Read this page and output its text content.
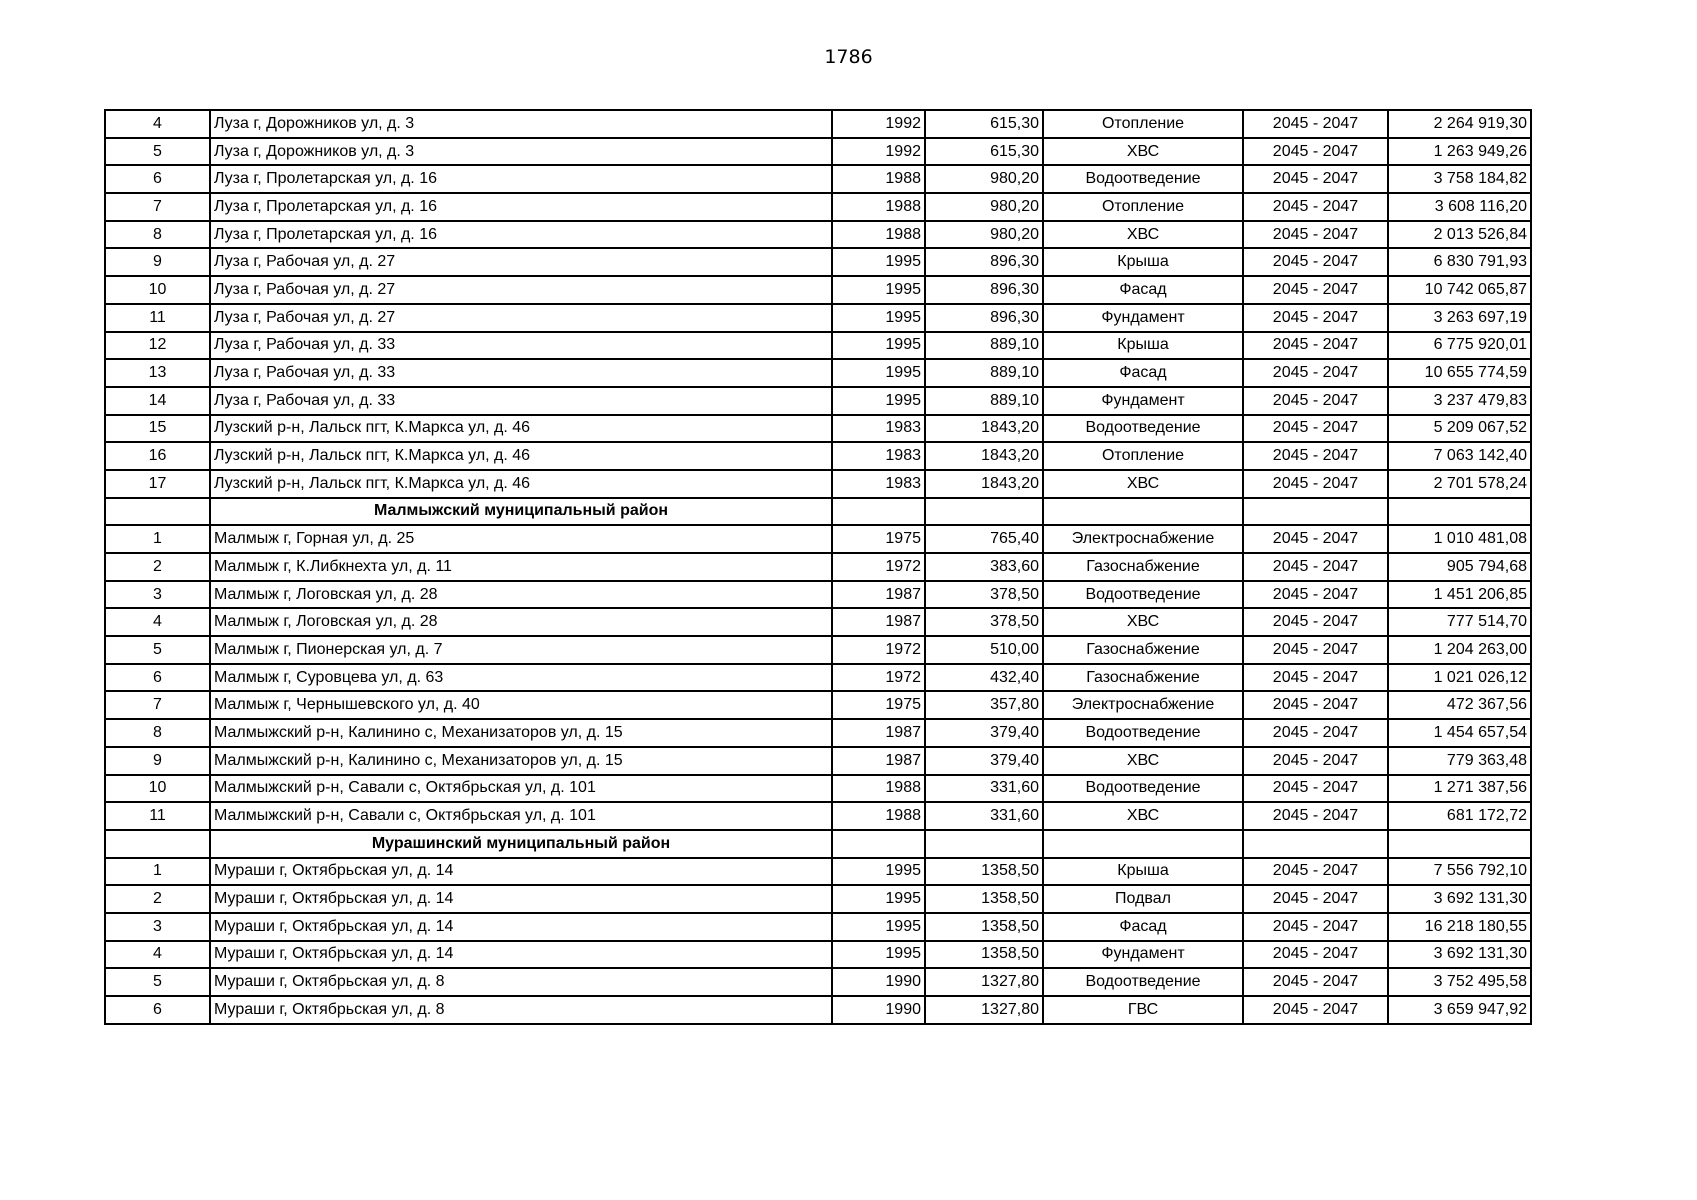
1786
4	Луза г, Дорожников ул, д. 3	1992	615,30	Отопление	2045 - 2047	2 264 919,30
5	Луза г, Дорожников ул, д. 3	1992	615,30	ХВС	2045 - 2047	1 263 949,26
6	Луза г, Пролетарская ул, д. 16	1988	980,20	Водоотведение	2045 - 2047	3 758 184,82
7	Луза г, Пролетарская ул, д. 16	1988	980,20	Отопление	2045 - 2047	3 608 116,20
8	Луза г, Пролетарская ул, д. 16	1988	980,20	ХВС	2045 - 2047	2 013 526,84
9	Луза г, Рабочая ул, д. 27	1995	896,30	Крыша	2045 - 2047	6 830 791,93
10	Луза г, Рабочая ул, д. 27	1995	896,30	Фасад	2045 - 2047	10 742 065,87
11	Луза г, Рабочая ул, д. 27	1995	896,30	Фундамент	2045 - 2047	3 263 697,19
12	Луза г, Рабочая ул, д. 33	1995	889,10	Крыша	2045 - 2047	6 775 920,01
13	Луза г, Рабочая ул, д. 33	1995	889,10	Фасад	2045 - 2047	10 655 774,59
14	Луза г, Рабочая ул, д. 33	1995	889,10	Фундамент	2045 - 2047	3 237 479,83
15	Лузский р-н, Лальск пгт, К.Маркса ул, д. 46	1983	1843,20	Водоотведение	2045 - 2047	5 209 067,52
16	Лузский р-н, Лальск пгт, К.Маркса ул, д. 46	1983	1843,20	Отопление	2045 - 2047	7 063 142,40
17	Лузский р-н, Лальск пгт, К.Маркса ул, д. 46	1983	1843,20	ХВС	2045 - 2047	2 701 578,24
	Малмыжский муниципальный район					
1	Малмыж г, Горная ул, д. 25	1975	765,40	Электроснабжение	2045 - 2047	1 010 481,08
2	Малмыж г, К.Либкнехта ул, д. 11	1972	383,60	Газоснабжение	2045 - 2047	905 794,68
3	Малмыж г, Логовская ул, д. 28	1987	378,50	Водоотведение	2045 - 2047	1 451 206,85
4	Малмыж г, Логовская ул, д. 28	1987	378,50	ХВС	2045 - 2047	777 514,70
5	Малмыж г, Пионерская ул, д. 7	1972	510,00	Газоснабжение	2045 - 2047	1 204 263,00
6	Малмыж г, Суровцева ул, д. 63	1972	432,40	Газоснабжение	2045 - 2047	1 021 026,12
7	Малмыж г, Чернышевского ул, д. 40	1975	357,80	Электроснабжение	2045 - 2047	472 367,56
8	Малмыжский р-н, Калинино с, Механизаторов ул, д. 15	1987	379,40	Водоотведение	2045 - 2047	1 454 657,54
9	Малмыжский р-н, Калинино с, Механизаторов ул, д. 15	1987	379,40	ХВС	2045 - 2047	779 363,48
10	Малмыжский р-н, Савали с, Октябрьская ул, д. 101	1988	331,60	Водоотведение	2045 - 2047	1 271 387,56
11	Малмыжский р-н, Савали с, Октябрьская ул, д. 101	1988	331,60	ХВС	2045 - 2047	681 172,72
	Мурашинский муниципальный район					
1	Мураши г, Октябрьская ул, д. 14	1995	1358,50	Крыша	2045 - 2047	7 556 792,10
2	Мураши г, Октябрьская ул, д. 14	1995	1358,50	Подвал	2045 - 2047	3 692 131,30
3	Мураши г, Октябрьская ул, д. 14	1995	1358,50	Фасад	2045 - 2047	16 218 180,55
4	Мураши г, Октябрьская ул, д. 14	1995	1358,50	Фундамент	2045 - 2047	3 692 131,30
5	Мураши г, Октябрьская ул, д. 8	1990	1327,80	Водоотведение	2045 - 2047	3 752 495,58
6	Мураши г, Октябрьская ул, д. 8	1990	1327,80	ГВС	2045 - 2047	3 659 947,92
